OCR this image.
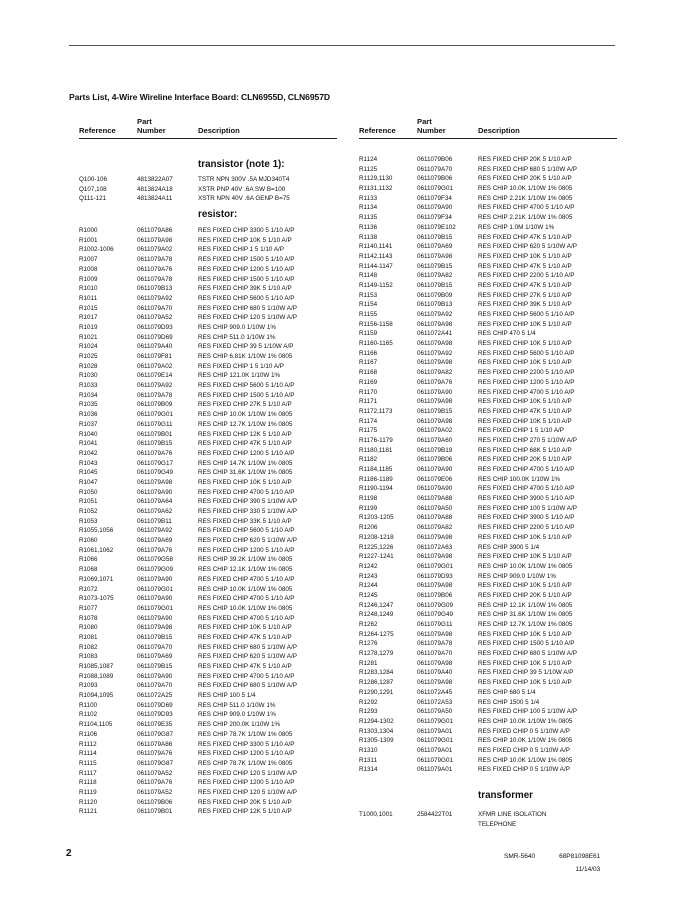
Parts List, 4-Wire Wireline Interface Board: CLN6955D, CLN6957D
Reference
Part
Number	Description
transistor (note 1):
Q100-106	4813822A07	TSTR NPN 300V .5A MJD340T4
Q107,108	4813824A18	XSTR PNP 40V .6A SW B=100
Q111-121	4813824A11	XSTR NPN 40V .6A GENP B=75
resistor:
R1000	0611079A86	RES FIXED CHIP 3300 5 1/10 A/P
R1001	0611079A98	RES FIXED CHIP 10K 5 1/10 A/P
R1002-1006	0611079A02	RES FIXED CHIP 1 5 1/10 A/P
R1007	0611079A78	RES FIXED CHIP 1500 5 1/10 A/P
R1008	0611079A76	RES FIXED CHIP 1200 5 1/10 A/P
R1009	0611079A78	RES FIXED CHIP 1500 5 1/10 A/P
R1010	0611079B13	RES FIXED CHIP 39K 5 1/10 A/P
R1011	0611079A92	RES FIXED CHIP 5600 5 1/10 A/P
R1015	0611079A70	RES FIXED CHIP 680 5 1/10W A/P
R1017	0611079A52	RES FIXED CHIP 120 5 1/10W A/P
R1019	0611079D93	RES CHIP 909.0 1/10W 1%
R1021	0611079D69	RES CHIP 511.0 1/10W 1%
R1024	0611079A40	RES FIXED CHIP 39 5 1/10W A/P
R1025	0611079F81	RES CHIP 6.81K 1/10W 1% 0805
R1028	0611079A02	RES FIXED CHIP 1 5 1/10 A/P
R1030	0611079E14	RES CHIP 121.0K 1/10W 1%
R1033	0611079A92	RES FIXED CHIP 5600 5 1/10 A/P
R1034	0611079A78	RES FIXED CHIP 1500 5 1/10 A/P
R1035	0611079B09	RES FIXED CHIP 27K 5 1/10 A/P
R1036	0611079G01	RES CHIP 10.0K 1/10W 1% 0805
R1037	0611079G11	RES CHIP 12.7K 1/10W 1% 0805
R1040	0611079B01	RES FIXED CHIP 12K 5 1/10 A/P
R1041	0611079B15	RES FIXED CHIP 47K 5 1/10 A/P
R1042	0611079A76	RES FIXED CHIP 1200 5 1/10 A/P
R1043	0611079G17	RES CHIP 14.7K 1/10W 1% 0805
R1045	0611079G49	RES CHIP 31.6K 1/10W 1% 0805
R1047	0611079A98	RES FIXED CHIP 10K 5 1/10 A/P
R1050	0611079A90	RES FIXED CHIP 4700 5 1/10 A/P
R1051	0611079A64	RES FIXED CHIP 390 5 1/10W A/P
R1052	0611079A62	RES FIXED CHIP 330 5 1/10W A/P
R1053	0611079B11	RES FIXED CHIP 33K 5 1/10 A/P
R1055,1056	0611079A92	RES FIXED CHIP 5600 5 1/10 A/P
R1060	0611079A69	RES FIXED CHIP 620 5 1/10W A/P
R1061,1062	0611079A76	RES FIXED CHIP 1200 5 1/10 A/P
R1066	0611079G58	RES CHIP 39.2K 1/10W 1% 0805
R1068	0611079G09	RES CHIP 12.1K 1/10W 1% 0805
R1069,1071	0611079A90	RES FIXED CHIP 4700 5 1/10 A/P
R1072	0611079G01	RES CHIP 10.0K 1/10W 1% 0805
R1073-1075	0611079A90	RES FIXED CHIP 4700 5 1/10 A/P
R1077	0611079G01	RES CHIP 10.0K 1/10W 1% 0805
R1078	0611079A90	RES FIXED CHIP 4700 5 1/10 A/P
R1080	0611079A98	RES FIXED CHIP 10K 5 1/10 A/P
R1081	0611079B15	RES FIXED CHIP 47K 5 1/10 A/P
R1082	0611079A70	RES FIXED CHIP 680 5 1/10W A/P
R1083	0611079A69	RES FIXED CHIP 620 5 1/10W A/P
R1085,1087	0611079B15	RES FIXED CHIP 47K 5 1/10 A/P
R1088,1089	0611079A90	RES FIXED CHIP 4700 5 1/10 A/P
R1093	0611079A70	RES FIXED CHIP 680 5 1/10W A/P
R1094,1095	0611072A25	RES CHIP 100 5 1/4
R1100	0611079D69	RES CHIP 511.0 1/10W 1%
R1102	0611079D93	RES CHIP 909.0 1/10W 1%
R1104,1105	0611079E35	RES CHIP 200.0K 1/10W 1%
R1106	0611079G87	RES CHIP 78.7K 1/10W 1% 0805
R1112	0611079A86	RES FIXED CHIP 3300 5 1/10 A/P
R1114	0611079A76	RES FIXED CHIP 1200 5 1/10 A/P
R1115	0611079G87	RES CHIP 78.7K 1/10W 1% 0805
R1117	0611079A52	RES FIXED CHIP 120 5 1/10W A/P
R1118	0611079A76	RES FIXED CHIP 1200 5 1/10 A/P
R1119	0611079A52	RES FIXED CHIP 120 5 1/10W A/P
R1120	0611079B06	RES FIXED CHIP 20K 5 1/10 A/P
R1121	0611079B01	RES FIXED CHIP 12K 5 1/10 A/P
Reference
Part
Number	Description
R1124	0611079B06	RES FIXED CHIP 20K 5 1/10 A/P
R1125	0611079A70	RES FIXED CHIP 680 5 1/10W A/P
R1129,1130	0611079B06	RES FIXED CHIP 20K 5 1/10 A/P
R1131,1132	0611079G01	RES CHIP 10.0K 1/10W 1% 0805
R1133	0611079F34	RES CHIP 2.21K 1/10W 1% 0805
R1134	0611079A90	RES FIXED CHIP 4700 5 1/10 A/P
R1135	0611079F34	RES CHIP 2.21K 1/10W 1% 0805
R1136	0611079E102	RES CHIP 1.0M 1/10W 1%
R1138	0611079B15	RES FIXED CHIP 47K 5 1/10 A/P
R1140,1141	0611079A69	RES FIXED CHIP 620 5 1/10W A/P
R1142,1143	0611079A98	RES FIXED CHIP 10K 5 1/10 A/P
R1144-1147	0611079B15	RES FIXED CHIP 47K 5 1/10 A/P
R1148	0611079A82	RES FIXED CHIP 2200 5 1/10 A/P
R1149-1152	0611079B15	RES FIXED CHIP 47K 5 1/10 A/P
R1153	0611079B09	RES FIXED CHIP 27K 5 1/10 A/P
R1154	0611079B13	RES FIXED CHIP 39K 5 1/10 A/P
R1155	0611079A92	RES FIXED CHIP 5600 5 1/10 A/P
R1156-1158	0611079A98	RES FIXED CHIP 10K 5 1/10 A/P
R1159	0611072A41	RES CHIP 470 5 1/4
R1160-1165	0611079A98	RES FIXED CHIP 10K 5 1/10 A/P
R1166	0611079A92	RES FIXED CHIP 5600 5 1/10 A/P
R1167	0611079A98	RES FIXED CHIP 10K 5 1/10 A/P
R1168	0611079A82	RES FIXED CHIP 2200 5 1/10 A/P
R1169	0611079A76	RES FIXED CHIP 1200 5 1/10 A/P
R1170	0611079A90	RES FIXED CHIP 4700 5 1/10 A/P
R1171	0611079A98	RES FIXED CHIP 10K 5 1/10 A/P
R1172,1173	0611079B15	RES FIXED CHIP 47K 5 1/10 A/P
R1174	0611079A98	RES FIXED CHIP 10K 5 1/10 A/P
R1175	0611079A02	RES FIXED CHIP 1 5 1/10 A/P
R1176-1179	0611079A60	RES FIXED CHIP 270 5 1/10W A/P
R1180,1181	0611079B19	RES FIXED CHIP 68K 5 1/10 A/P
R1182	0611079B06	RES FIXED CHIP 20K 5 1/10 A/P
R1184,1185	0611079A90	RES FIXED CHIP 4700 5 1/10 A/P
R1186-1189	0611079E06	RES CHIP 100.0K 1/10W 1%
R1190-1194	0611079A90	RES FIXED CHIP 4700 5 1/10 A/P
R1198	0611079A88	RES FIXED CHIP 3900 5 1/10 A/P
R1199	0611079A50	RES FIXED CHIP 100 5 1/10W A/P
R1203-1205	0611079A88	RES FIXED CHIP 3900 5 1/10 A/P
R1206	0611079A82	RES FIXED CHIP 2200 5 1/10 A/P
R1208-1218	0611079A98	RES FIXED CHIP 10K 5 1/10 A/P
R1225,1226	0611072A63	RES CHIP 3900 5 1/4
R1227-1241	0611079A98	RES FIXED CHIP 10K 5 1/10 A/P
R1242	0611079G01	RES CHIP 10.0K 1/10W 1% 0805
R1243	0611079D93	RES CHIP 909.0 1/10W 1%
R1244	0611079A98	RES FIXED CHIP 10K 5 1/10 A/P
R1245	0611079B06	RES FIXED CHIP 20K 5 1/10 A/P
R1246,1247	0611079G09	RES CHIP 12.1K 1/10W 1% 0805
R1248,1249	0611079G49	RES CHIP 31.6K 1/10W 1% 0805
R1262	0611079G11	RES CHIP 12.7K 1/10W 1% 0805
R1264-1275	0611079A98	RES FIXED CHIP 10K 5 1/10 A/P
R1276	0611079A78	RES FIXED CHIP 1500 5 1/10 A/P
R1278,1279	0611079A70	RES FIXED CHIP 680 5 1/10W A/P
R1281	0611079A98	RES FIXED CHIP 10K 5 1/10 A/P
R1283,1284	0611079A40	RES FIXED CHIP 39 5 1/10W A/P
R1286,1287	0611079A98	RES FIXED CHIP 10K 5 1/10 A/P
R1290,1291	0611072A45	RES CHIP 680 5 1/4
R1292	0611072A53	RES CHIP 1500 5 1/4
R1293	0611079A50	RES FIXED CHIP 100 5 1/10W A/P
R1294-1302	0611079G01	RES CHIP 10.0K 1/10W 1% 0805
R1303,1304	0611079A01	RES FIXED CHIP 0 5 1/10W A/P
R1305-1309	0611079G01	RES CHIP 10.0K 1/10W 1% 0805
R1310	0611079A01	RES FIXED CHIP 0 5 1/10W A/P
R1311	0611079G01	RES CHIP 10.0K 1/10W 1% 0805
R1314	0611079A01	RES FIXED CHIP 0 5 1/10W A/P
transformer
T1000,1001	2584422T01	XFMR LINE ISOLATION
TELEPHONE
2	SMR-5640	68P81098E61
11/14/03
